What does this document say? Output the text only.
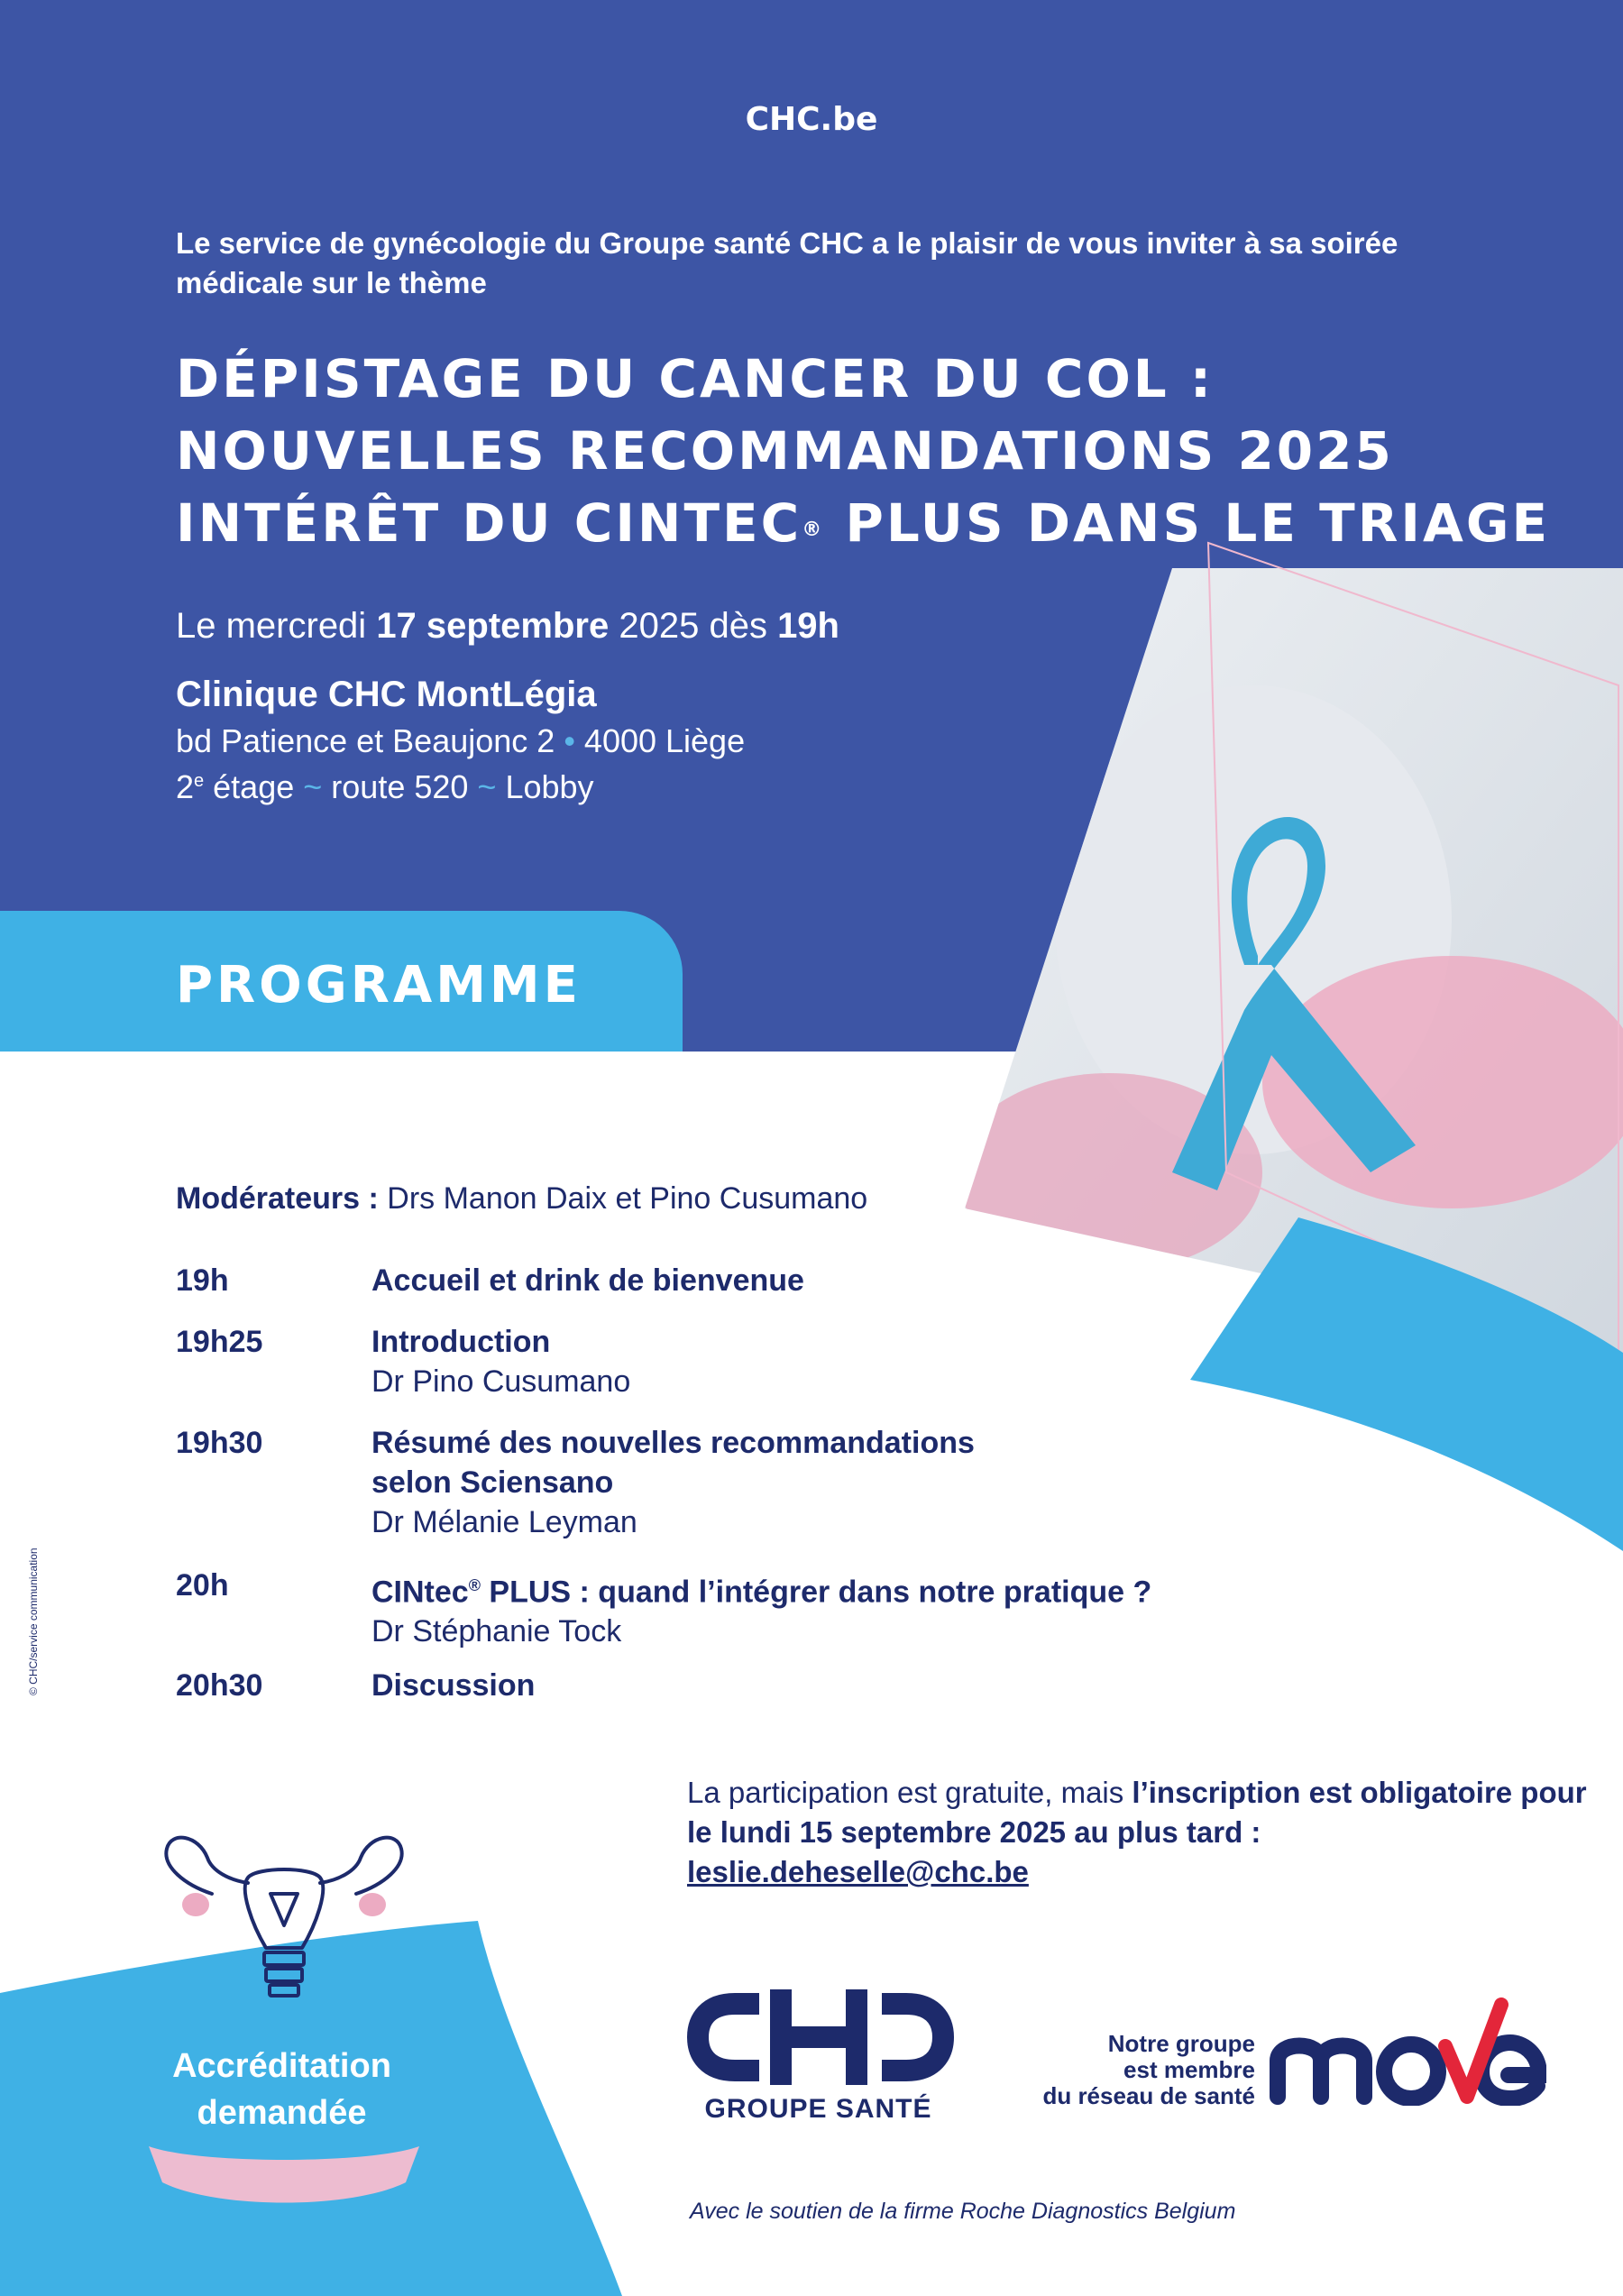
CHC.be
Le service de gynécologie du Groupe santé CHC a le plaisir de vous inviter à sa soirée médicale sur le thème
DÉPISTAGE DU CANCER DU COL :
NOUVELLES RECOMMANDATIONS 2025
INTÉRÊT DU CINTEC® PLUS DANS LE TRIAGE
Le mercredi 17 septembre 2025 dès 19h
Clinique CHC MontLégia
bd Patience et Beaujonc 2 • 4000 Liège
2e étage ~ route 520 ~ Lobby
PROGRAMME
Modérateurs : Drs Manon Daix et Pino Cusumano
19h	Accueil et drink de bienvenue
19h25	Introduction
Dr Pino Cusumano
19h30	Résumé des nouvelles recommandations
selon Sciensano
Dr Mélanie Leyman
20h	CINtec® PLUS : quand l’intégrer dans notre pratique ?
Dr Stéphanie Tock
20h30	Discussion
© CHC/service communication
La participation est gratuite, mais l’inscription est obligatoire pour le lundi 15 septembre 2025 au plus tard :
leslie.deheselle@chc.be
Accréditation
demandée	GROUPE SANTÉ
Notre groupe
est membre
du réseau de santé
Avec le soutien de la firme Roche Diagnostics Belgium
